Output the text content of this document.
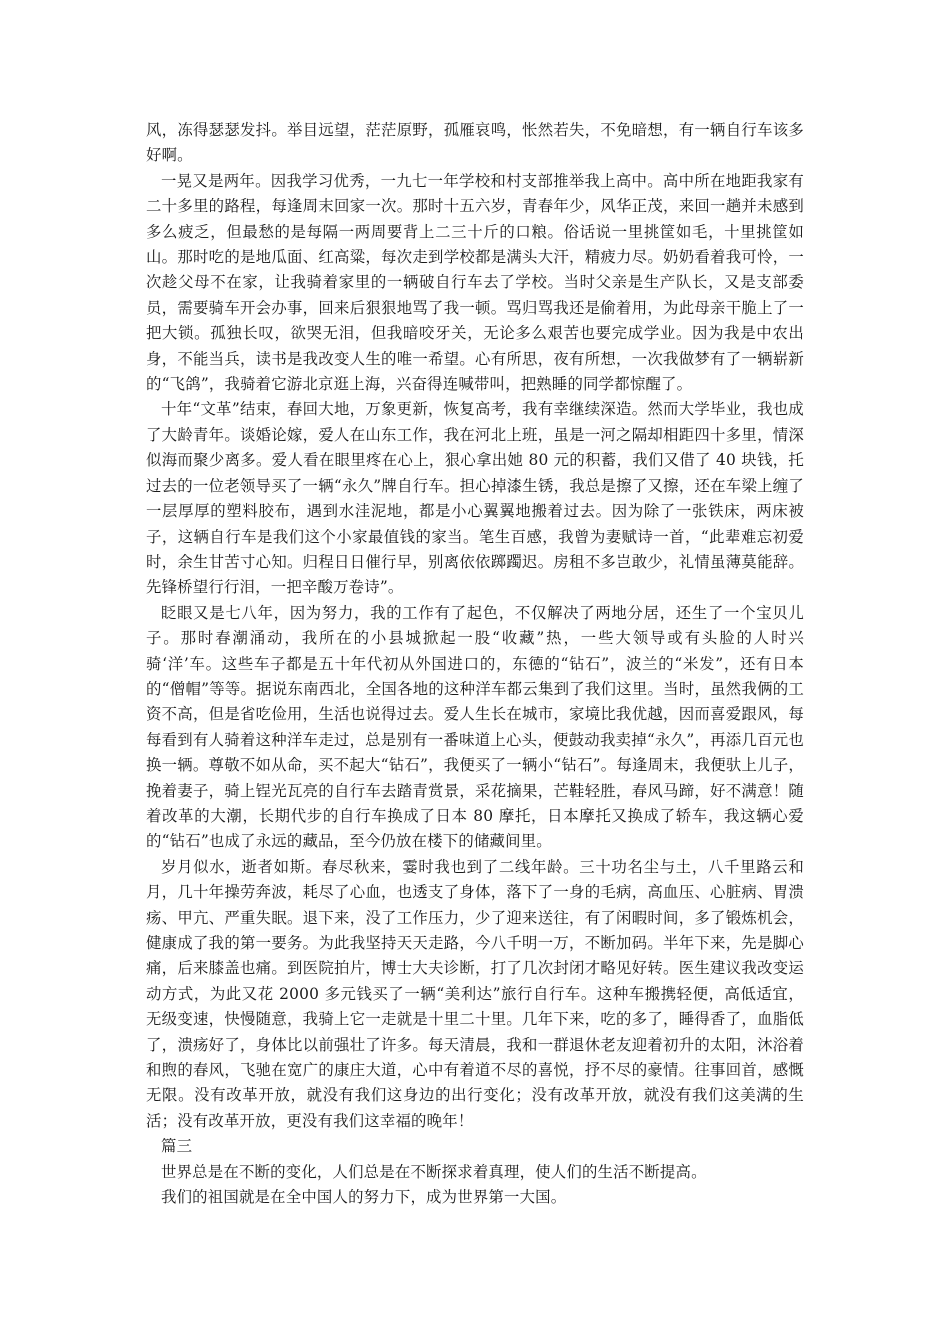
风，冻得瑟瑟发抖。举目远望，茫茫原野，孤雁哀鸣，怅然若失，不免暗想，有一辆自行车该多好啊。

一晃又是两年。因我学习优秀，一九七一年学校和村支部推举我上高中。高中所在地距我家有二十多里的路程，每逢周末回家一次。那时十五六岁，青春年少，风华正茂，来回一趟并未感到多么疲乏，但最愁的是每隔一两周要背上二三十斤的口粮。俗话说一里挑筐如毛，十里挑筐如山。那时吃的是地瓜面、红高粱，每次走到学校都是满头大汗，精疲力尽。奶奶看着我可怜，一次趁父母不在家，让我骑着家里的一辆破自行车去了学校。当时父亲是生产队长，又是支部委员，需要骑车开会办事，回来后狠狠地骂了我一顿。骂归骂我还是偷着用，为此母亲干脆上了一把大锁。孤独长叹，欲哭无泪，但我暗咬牙关，无论多么艰苦也要完成学业。因为我是中农出身，不能当兵，读书是我改变人生的唯一希望。心有所思，夜有所想，一次我做梦有了一辆崭新的“飞鸽”，我骑着它游北京逛上海，兴奋得连喊带叫，把熟睡的同学都惊醒了。

十年“文革”结束，春回大地，万象更新，恢复高考，我有幸继续深造。然而大学毕业，我也成了大龄青年。谈婚论嫁，爱人在山东工作，我在河北上班，虽是一河之隔却相距四十多里，情深似海而聚少离多。爱人看在眼里疼在心上，狠心拿出她 80 元的积蓄，我们又借了 40 块钱，托过去的一位老领导买了一辆“永久”牌自行车。担心掉漆生锈，我总是擦了又擦，还在车梁上缠了一层厚厚的塑料胶布，遇到水洼泥地，都是小心翼翼地搬着过去。因为除了一张铁床，两床被子，这辆自行车是我们这个小家最值钱的家当。笔生百感，我曾为妻赋诗一首，“此辈难忘初爱时，余生甘苦寸心知。归程日日催行早，别离依依踯躅迟。房租不多岂敢少，礼情虽薄莫能辞。先锋桥望行行泪，一把辛酸万卷诗”。

眨眼又是七八年，因为努力，我的工作有了起色，不仅解决了两地分居，还生了一个宝贝儿子。那时春潮涌动，我所在的小县城掀起一股“收藏”热，一些大领导或有头脸的人时兴骑‘洋’车。这些车子都是五十年代初从外国进口的，东德的“钻石”，波兰的“米发”，还有日本的“僧帽”等等。据说东南西北，全国各地的这种洋车都云集到了我们这里。当时，虽然我俩的工资不高，但是省吃俭用，生活也说得过去。爱人生长在城市，家境比我优越，因而喜爱跟风，每每看到有人骑着这种洋车走过，总是别有一番味道上心头，便鼓动我卖掉“永久”，再添几百元也换一辆。尊敬不如从命，买不起大“钻石”，我便买了一辆小“钻石”。每逢周末，我便驮上儿子，挽着妻子，骑上锃光瓦亮的自行车去踏青赏景，采花摘果，芒鞋轻胜，春风马蹄，好不满意！随着改革的大潮，长期代步的自行车换成了日本 80 摩托，日本摩托又换成了轿车，我这辆心爱的“钻石”也成了永远的藏品，至今仍放在楼下的储藏间里。

岁月似水，逝者如斯。春尽秋来，霎时我也到了二线年龄。三十功名尘与土，八千里路云和月，几十年操劳奔波，耗尽了心血，也透支了身体，落下了一身的毛病，高血压、心脏病、胃溃疡、甲亢、严重失眠。退下来，没了工作压力，少了迎来送往，有了闲暇时间，多了锻炼机会，健康成了我的第一要务。为此我坚持天天走路，今八千明一万，不断加码。半年下来，先是脚心痛，后来膝盖也痛。到医院拍片，博士大夫诊断，打了几次封闭才略见好转。医生建议我改变运动方式，为此又花 2000 多元钱买了一辆“美利达”旅行自行车。这种车搬携轻便，高低适宜，无级变速，快慢随意，我骑上它一走就是十里二十里。几年下来，吃的多了，睡得香了，血脂低了，溃疡好了，身体比以前强壮了许多。每天清晨，我和一群退休老友迎着初升的太阳，沐浴着和煦的春风，飞驰在宽广的康庄大道，心中有着道不尽的喜悦，抒不尽的豪情。往事回首，感慨无限。没有改革开放，就没有我们这身边的出行变化；没有改革开放，就没有我们这美满的生活；没有改革开放，更没有我们这幸福的晚年！

篇三

世界总是在不断的变化，人们总是在不断探求着真理，使人们的生活不断提高。

我们的祖国就是在全中国人的努力下，成为世界第一大国。
